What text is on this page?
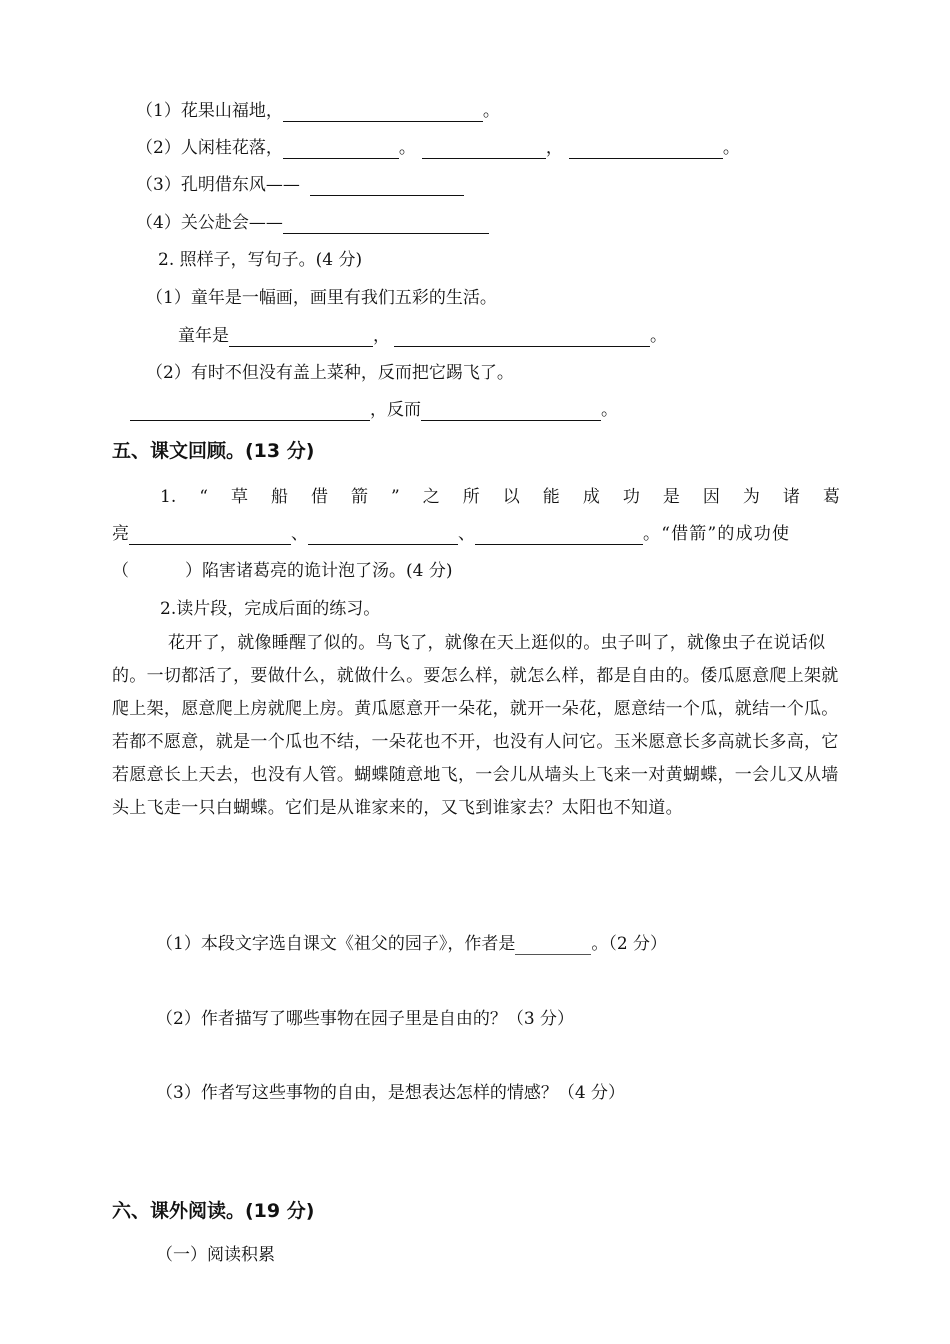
（1）花果山福地，	。
（2）人闲桂花落，	。	，	。
（3）孔明借东风——
（4）关公赴会——
2. 照样子，写句子。(4 分)
（1）童年是一幅画，画里有我们五彩的生活。
童年是	，	。
（2）有时不但没有盖上菜种，反而把它踢飞了。
，反而	。
五、课文回顾。(13 分)
1. “ 草 船 借 箭 ” 之 所 以 能 成 功 是 因 为 诸 葛
亮	、	、	。“借箭”的成功使
（	）陷害诸葛亮的诡计泡了汤。(4 分)
2.读片段，完成后面的练习。
花开了，就像睡醒了似的。鸟飞了，就像在天上逛似的。虫子叫了，就像虫子在说话似的。一切都活了，要做什么，就做什么。要怎么样，就怎么样，都是自由的。倭瓜愿意爬上架就爬上架，愿意爬上房就爬上房。黄瓜愿意开一朵花，就开一朵花，愿意结一个瓜，就结一个瓜。若都不愿意，就是一个瓜也不结，一朵花也不开，也没有人问它。玉米愿意长多高就长多高，它若愿意长上天去，也没有人管。蝴蝶随意地飞，一会儿从墙头上飞来一对黄蝴蝶，一会儿又从墙头上飞走一只白蝴蝶。它们是从谁家来的，又飞到谁家去？太阳也不知道。
（1）本段文字选自课文《祖父的园子》，作者是	。（2 分）
（2）作者描写了哪些事物在园子里是自由的？（3 分）
（3）作者写这些事物的自由，是想表达怎样的情感？（4 分）
六、课外阅读。(19 分)
（一）阅读积累
